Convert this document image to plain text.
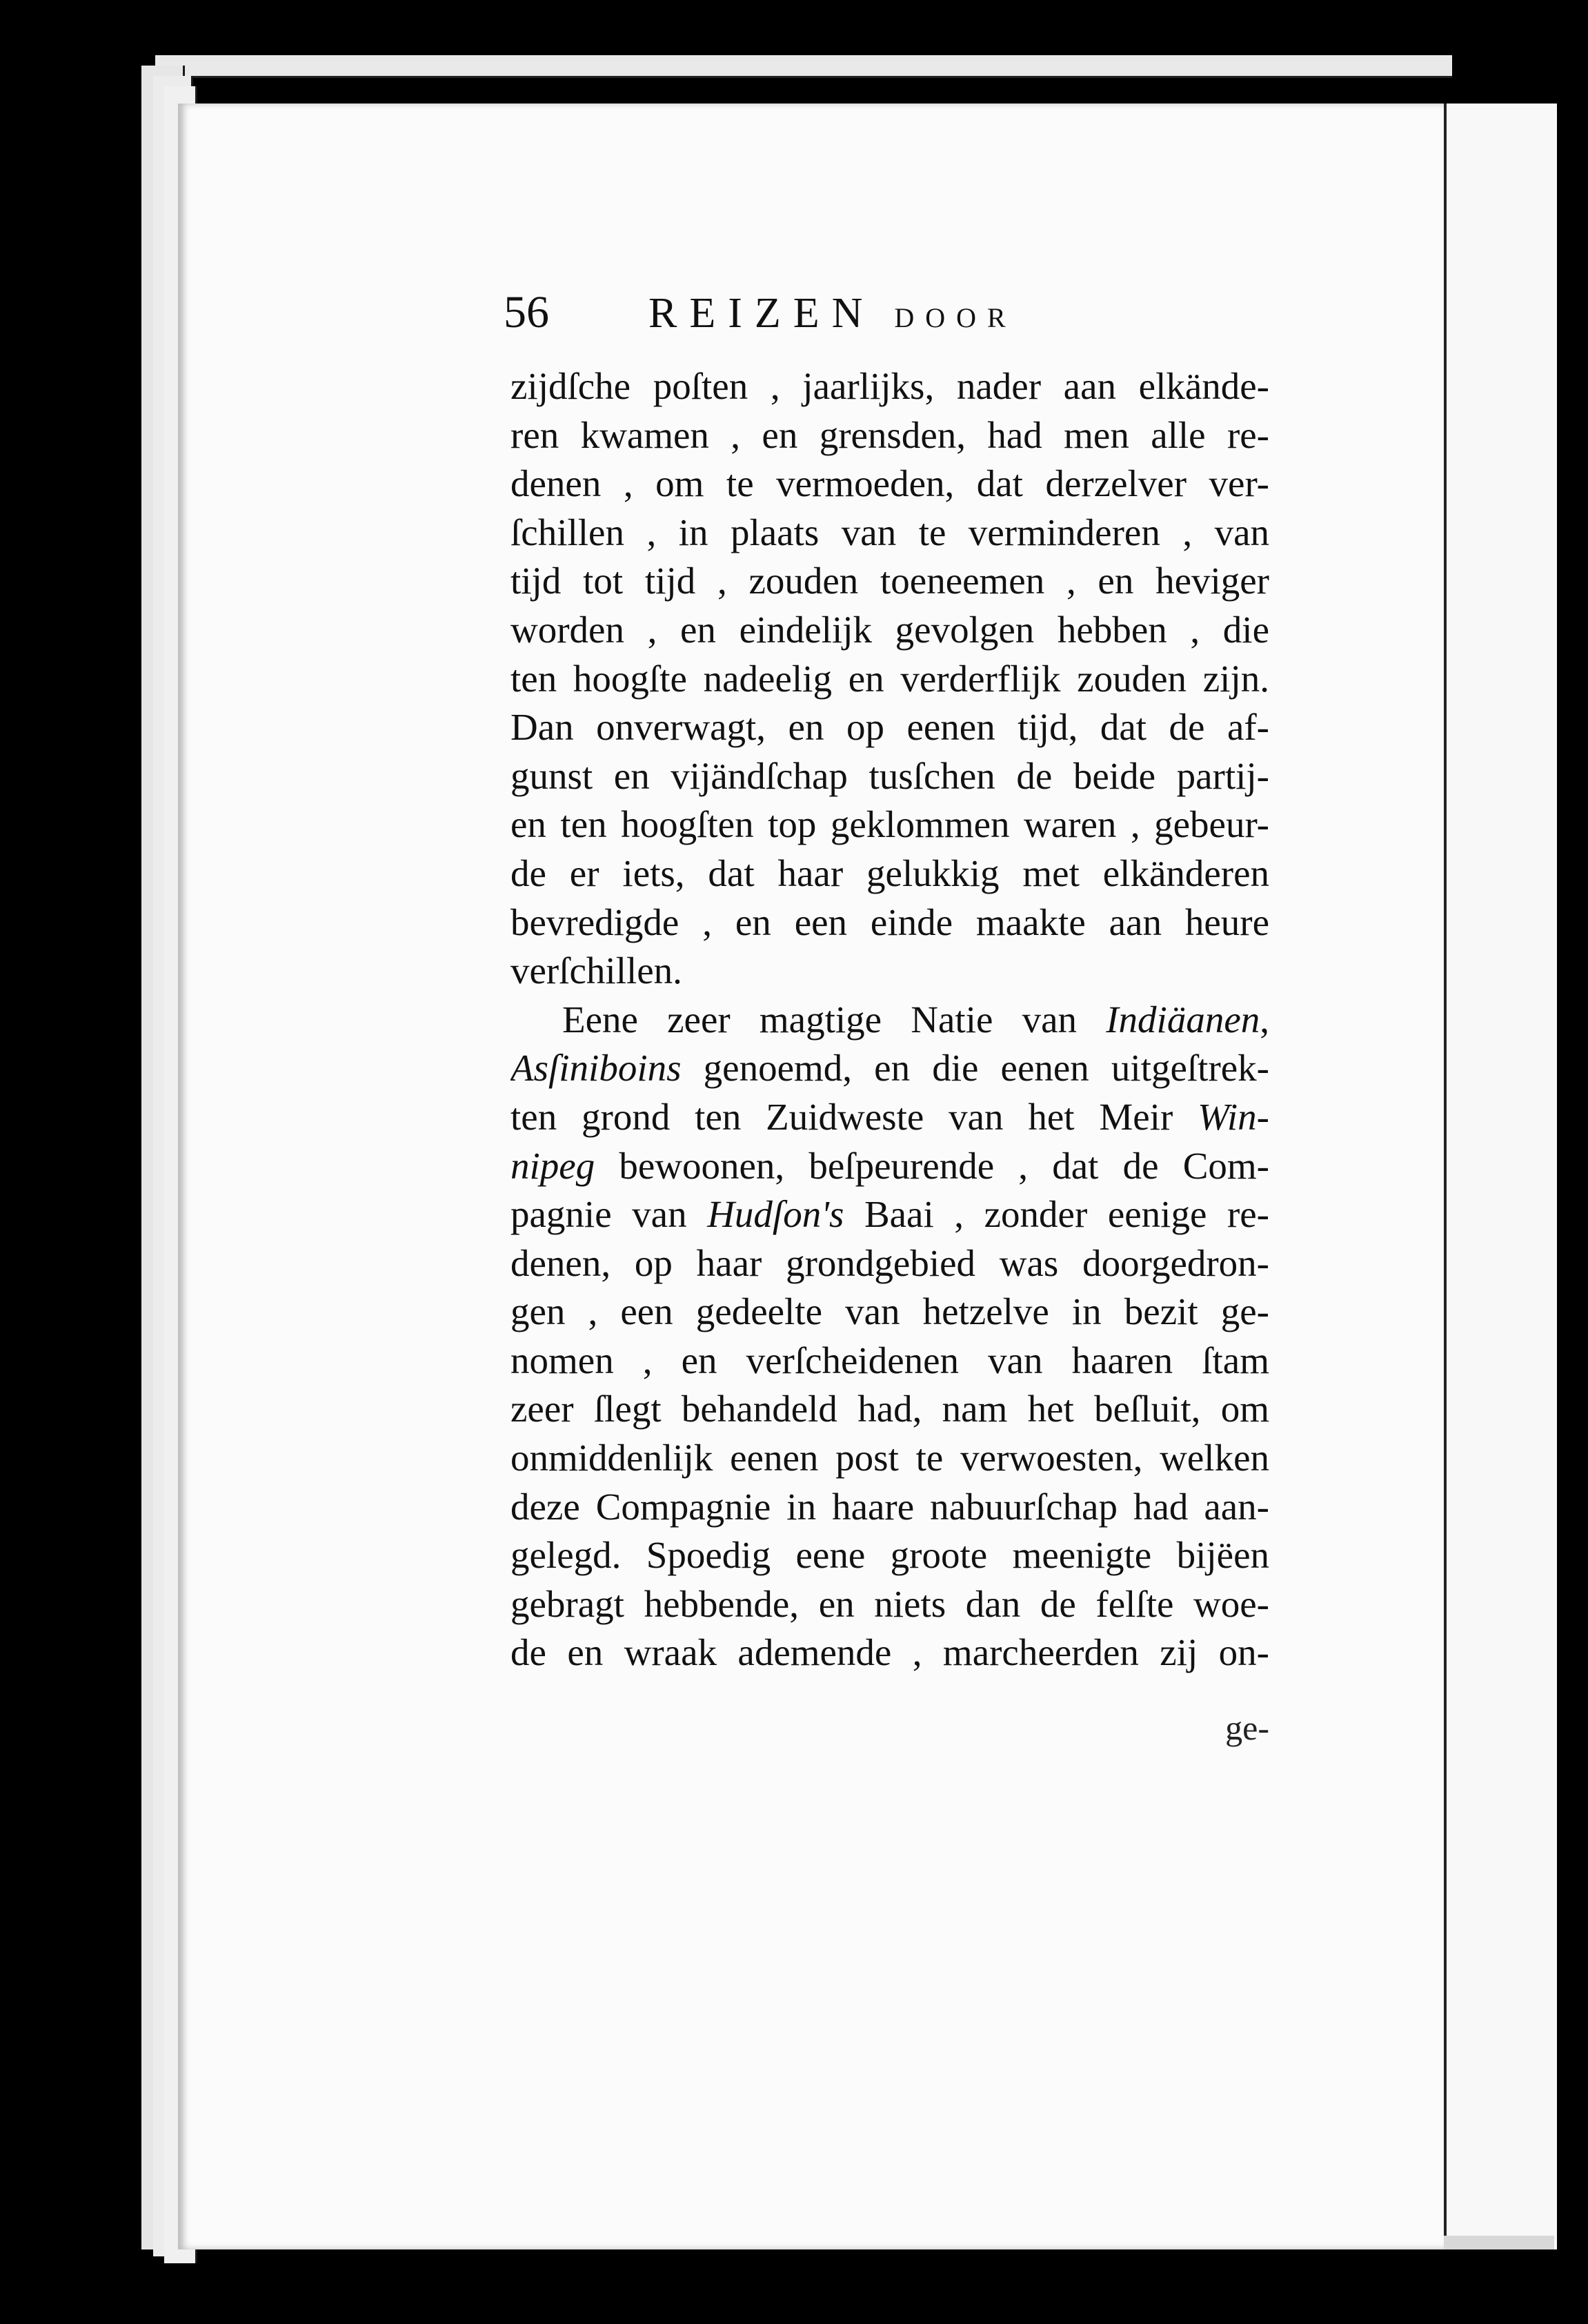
56	REIZEN DOOR
zijdſche poſten , jaarlijks, nader aan elkände-
ren kwamen , en grensden, had men alle re-
denen , om te vermoeden, dat derzelver ver-
ſchillen , in plaats van te verminderen , van
tijd tot tijd , zouden toeneemen , en heviger
worden , en eindelijk gevolgen hebben , die
ten hoogſte nadeelig en verderflijk zouden zijn.
Dan onverwagt, en op eenen tijd, dat de af-
gunst en vijändſchap tusſchen de beide partij-
en ten hoogſten top geklommen waren , gebeur-
de er iets, dat haar gelukkig met elkänderen
bevredigde , en een einde maakte aan heure
verſchillen.
Eene zeer magtige Natie van Indiäanen,
Asſiniboins genoemd, en die eenen uitgeſtrek-
ten grond ten Zuidweste van het Meir Win-
nipeg bewoonen, beſpeurende , dat de Com-
pagnie van Hudſon's Baai , zonder eenige re-
denen, op haar grondgebied was doorgedron-
gen , een gedeelte van hetzelve in bezit ge-
nomen , en verſcheidenen van haaren ſtam
zeer ſlegt behandeld had, nam het beſluit, om
onmiddenlijk eenen post te verwoesten, welken
deze Compagnie in haare nabuurſchap had aan-
gelegd. Spoedig eene groote meenigte bijëen
gebragt hebbende, en niets dan de felſte woe-
de en wraak ademende , marcheerden zij on-
ge-
